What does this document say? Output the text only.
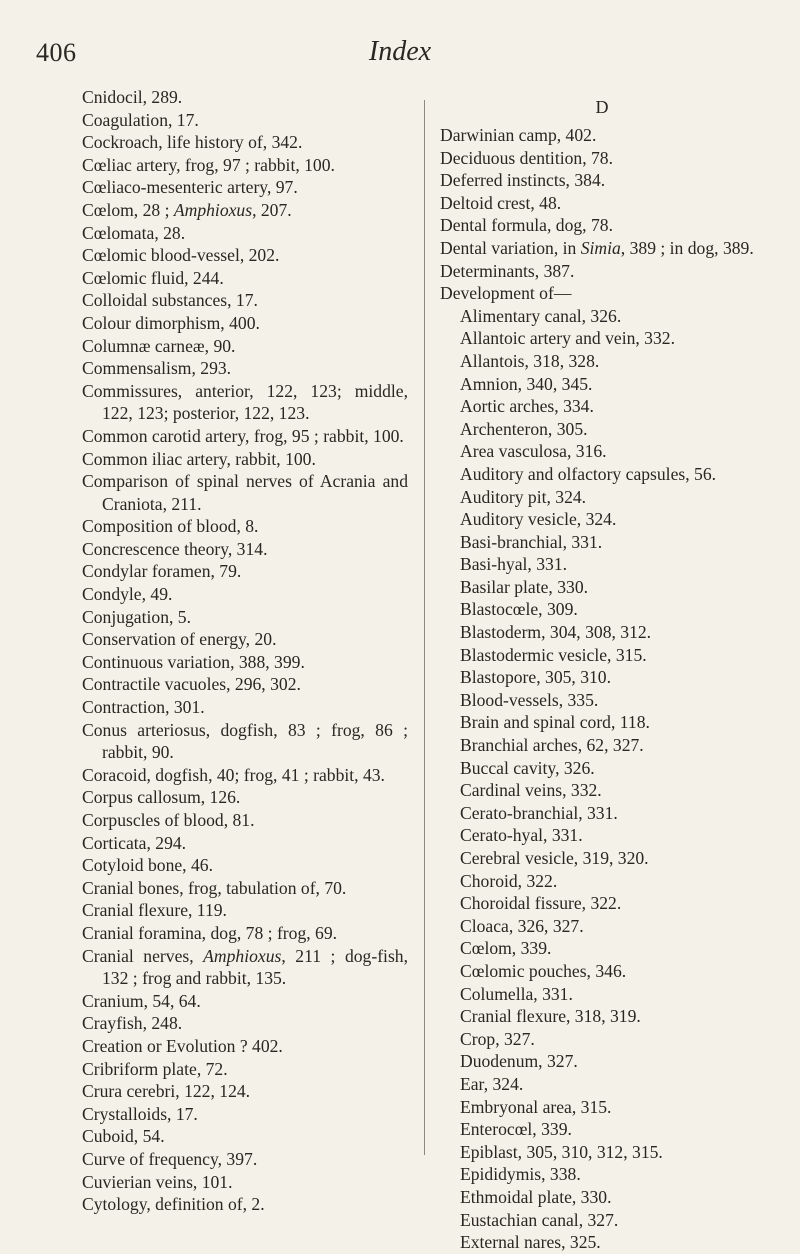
406	Index
Cnidocil, 289.
Coagulation, 17.
Cockroach, life history of, 342.
Cœliac artery, frog, 97 ; rabbit, 100.
Cœliaco-mesenteric artery, 97.
Cœlom, 28 ; Amphioxus, 207.
Cœlomata, 28.
Cœlomic blood-vessel, 202.
Cœlomic fluid, 244.
Colloidal substances, 17.
Colour dimorphism, 400.
Columnæ carneæ, 90.
Commensalism, 293.
Commissures, anterior, 122, 123; middle, 122, 123; posterior, 122, 123.
Common carotid artery, frog, 95 ; rabbit, 100.
Common iliac artery, rabbit, 100.
Comparison of spinal nerves of Acrania and Craniota, 211.
Composition of blood, 8.
Concrescence theory, 314.
Condylar foramen, 79.
Condyle, 49.
Conjugation, 5.
Conservation of energy, 20.
Continuous variation, 388, 399.
Contractile vacuoles, 296, 302.
Contraction, 301.
Conus arteriosus, dogfish, 83 ; frog, 86 ; rabbit, 90.
Coracoid, dogfish, 40; frog, 41 ; rabbit, 43.
Corpus callosum, 126.
Corpuscles of blood, 81.
Corticata, 294.
Cotyloid bone, 46.
Cranial bones, frog, tabulation of, 70.
Cranial flexure, 119.
Cranial foramina, dog, 78 ; frog, 69.
Cranial nerves, Amphioxus, 211 ; dog-fish, 132 ; frog and rabbit, 135.
Cranium, 54, 64.
Crayfish, 248.
Creation or Evolution ? 402.
Cribriform plate, 72.
Crura cerebri, 122, 124.
Crystalloids, 17.
Cuboid, 54.
Curve of frequency, 397.
Cuvierian veins, 101.
Cytology, definition of, 2.
D
Darwinian camp, 402.
Deciduous dentition, 78.
Deferred instincts, 384.
Deltoid crest, 48.
Dental formula, dog, 78.
Dental variation, in Simia, 389 ; in dog, 389.
Determinants, 387.
Development of—
Alimentary canal, 326.
Allantoic artery and vein, 332.
Allantois, 318, 328.
Amnion, 340, 345.
Aortic arches, 334.
Archenteron, 305.
Area vasculosa, 316.
Auditory and olfactory capsules, 56.
Auditory pit, 324.
Auditory vesicle, 324.
Basi-branchial, 331.
Basi-hyal, 331.
Basilar plate, 330.
Blastocœle, 309.
Blastoderm, 304, 308, 312.
Blastodermic vesicle, 315.
Blastopore, 305, 310.
Blood-vessels, 335.
Brain and spinal cord, 118.
Branchial arches, 62, 327.
Buccal cavity, 326.
Cardinal veins, 332.
Cerato-branchial, 331.
Cerato-hyal, 331.
Cerebral vesicle, 319, 320.
Choroid, 322.
Choroidal fissure, 322.
Cloaca, 326, 327.
Cœlom, 339.
Cœlomic pouches, 346.
Columella, 331.
Cranial flexure, 318, 319.
Crop, 327.
Duodenum, 327.
Ear, 324.
Embryonal area, 315.
Enterocœl, 339.
Epiblast, 305, 310, 312, 315.
Epididymis, 338.
Ethmoidal plate, 330.
Eustachian canal, 327.
External nares, 325.
